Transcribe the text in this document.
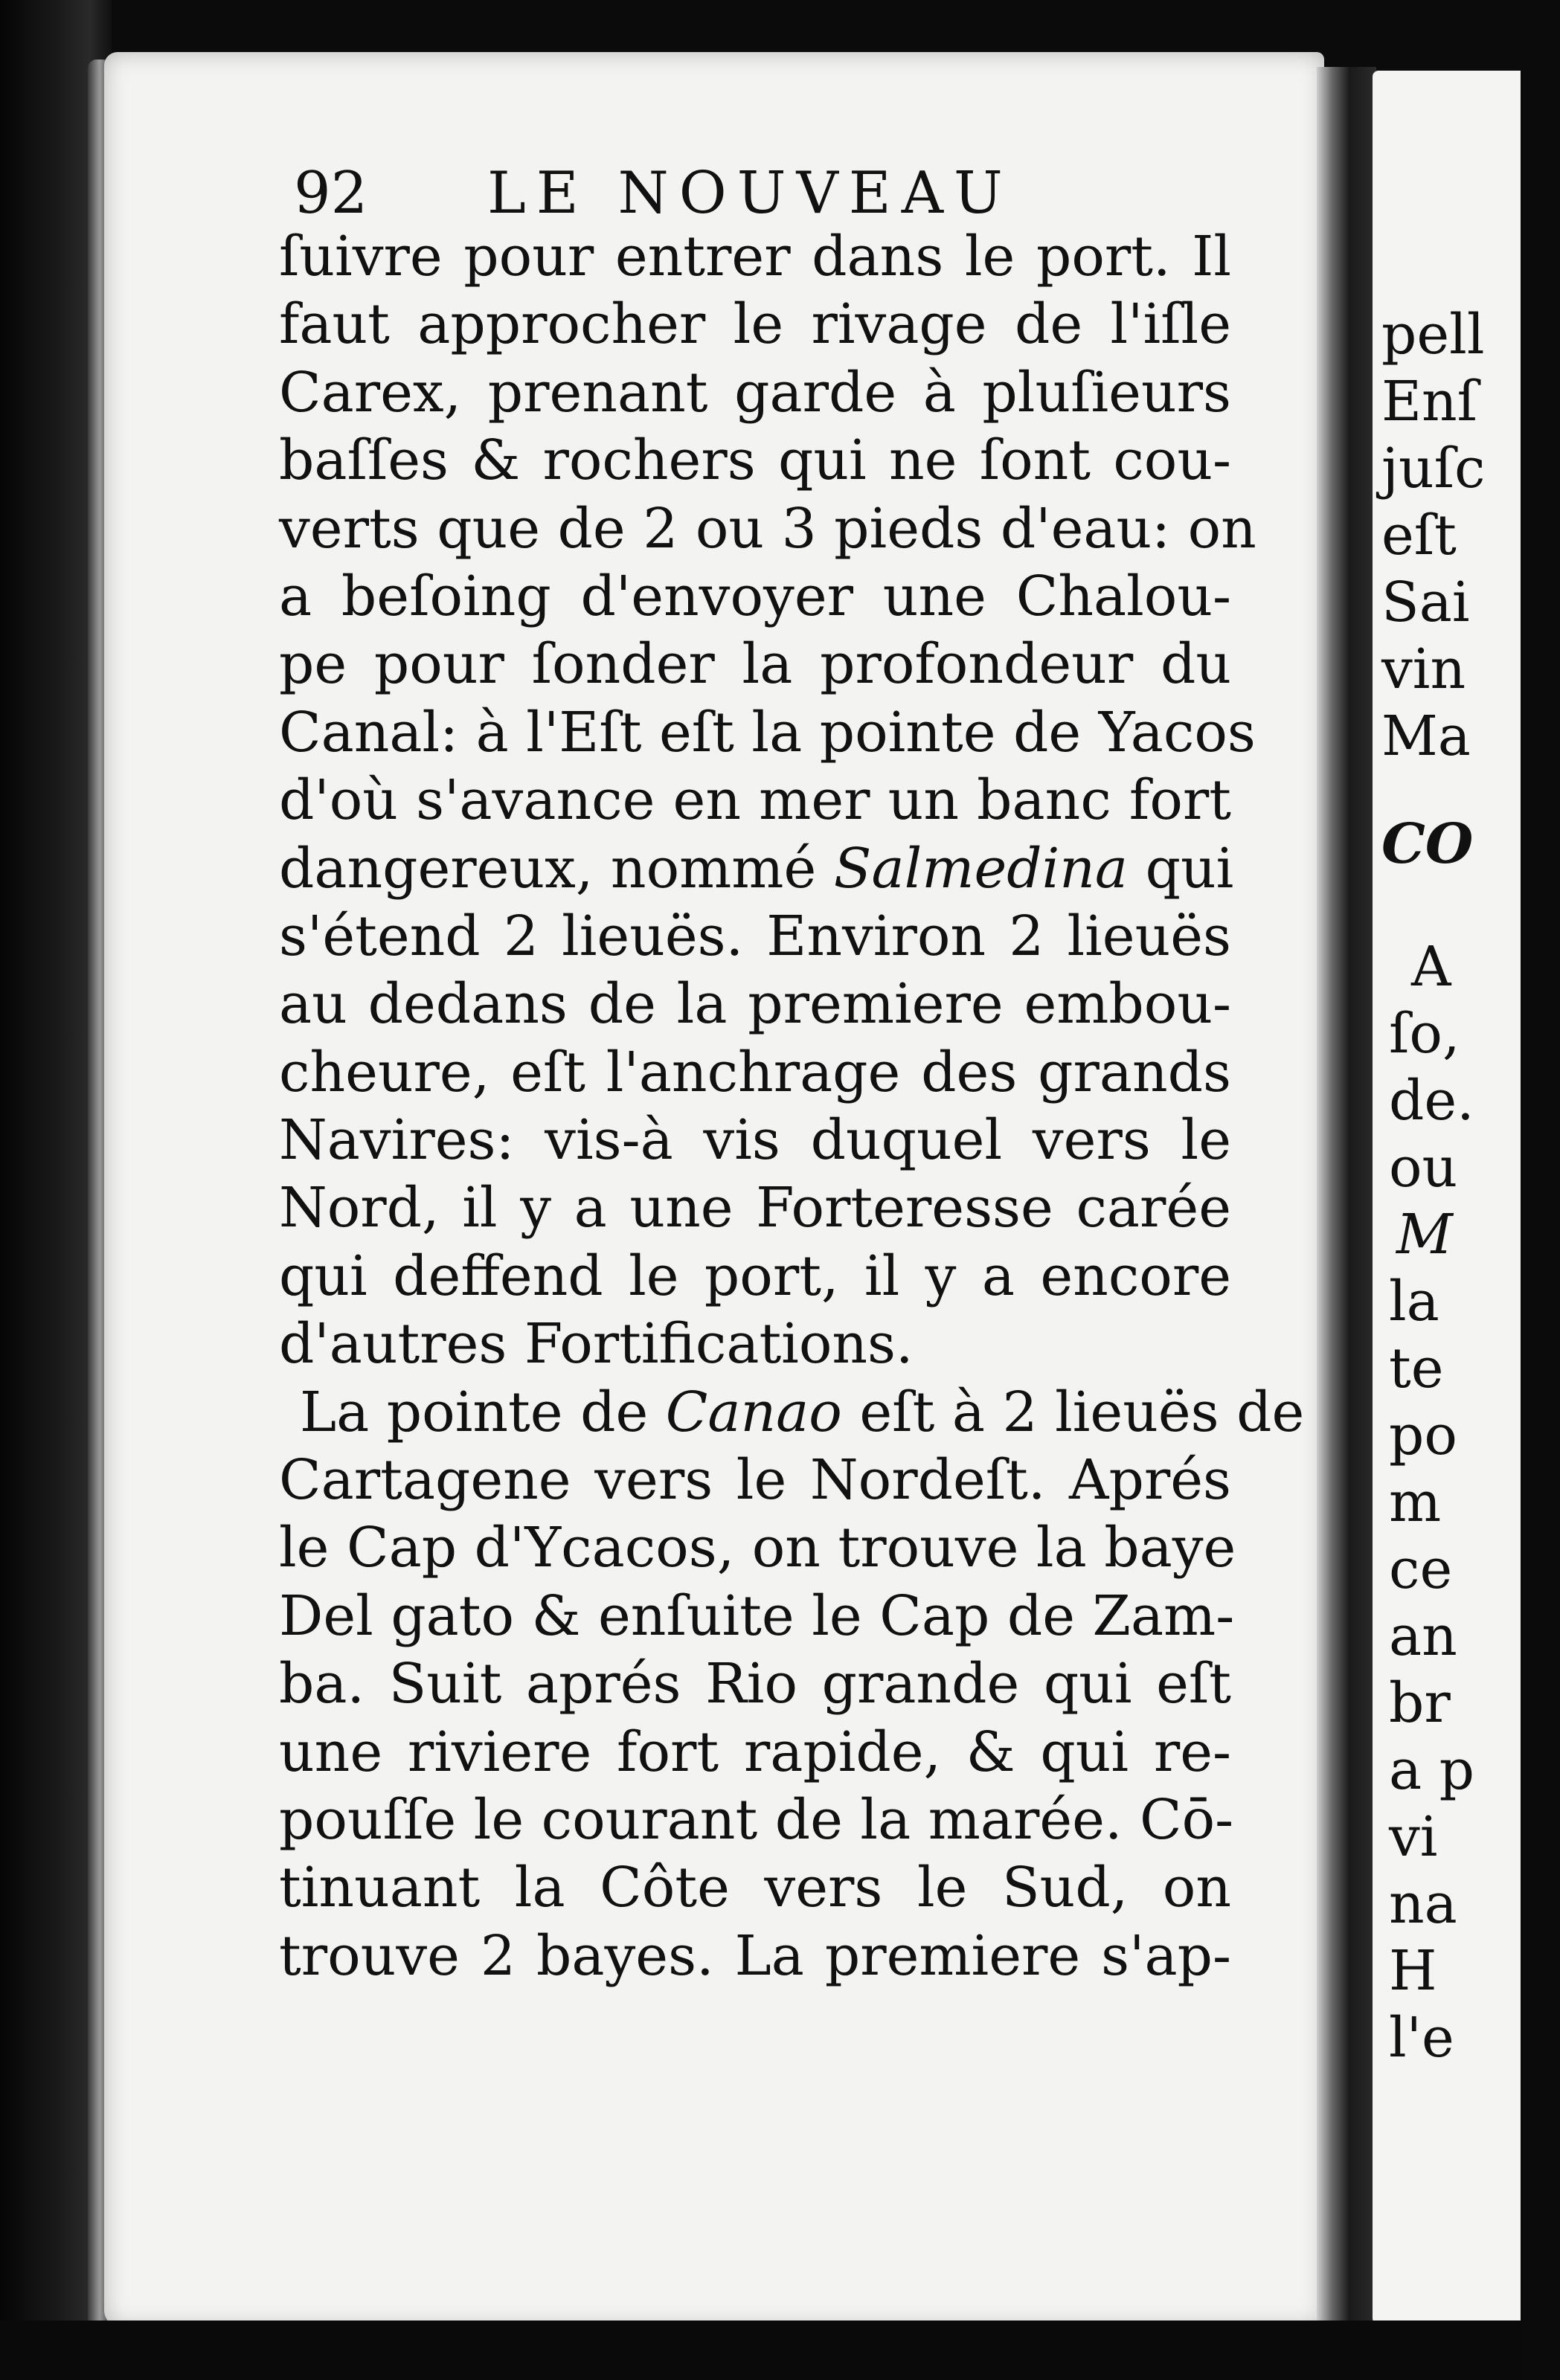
92 LE NOUVEAU
ſuivre pour entrer dans le port. Il
faut approcher le rivage de l'iſle
Carex, prenant garde à pluſieurs
baſſes & rochers qui ne ſont cou-
verts que de 2 ou 3 pieds d'eau: on
a beſoing d'envoyer une Chalou-
pe pour ſonder la profondeur du
Canal: à l'Eſt eſt la pointe de Yacos
d'où s'avance en mer un banc fort
dangereux, nommé Salmedina qui
s'étend 2 lieuës. Environ 2 lieuës
au dedans de la premiere embou-
cheure, eſt l'anchrage des grands
Navires: vis-à vis duquel vers le
Nord, il y a une Forteresse carée
qui deffend le port, il y a encore
d'autres Fortifications.
La pointe de Canao eſt à 2 lieuës de
Cartagene vers le Nordeſt. Aprés
le Cap d'Ycacos, on trouve la baye
Del gato & enſuite le Cap de Zam-
ba. Suit aprés Rio grande qui eſt
une riviere fort rapide, & qui re-
pouſſe le courant de la marée. Cō-
tinuant la Côte vers le Sud, on
trouve 2 bayes. La premiere s'ap-
pell
Enſ
juſc
eſt
Sai
vin
Ma
CO
A
ſo,
de.
ou
M
la
te
po
m
ce
an
br
a p
vi
na
H
l'e
